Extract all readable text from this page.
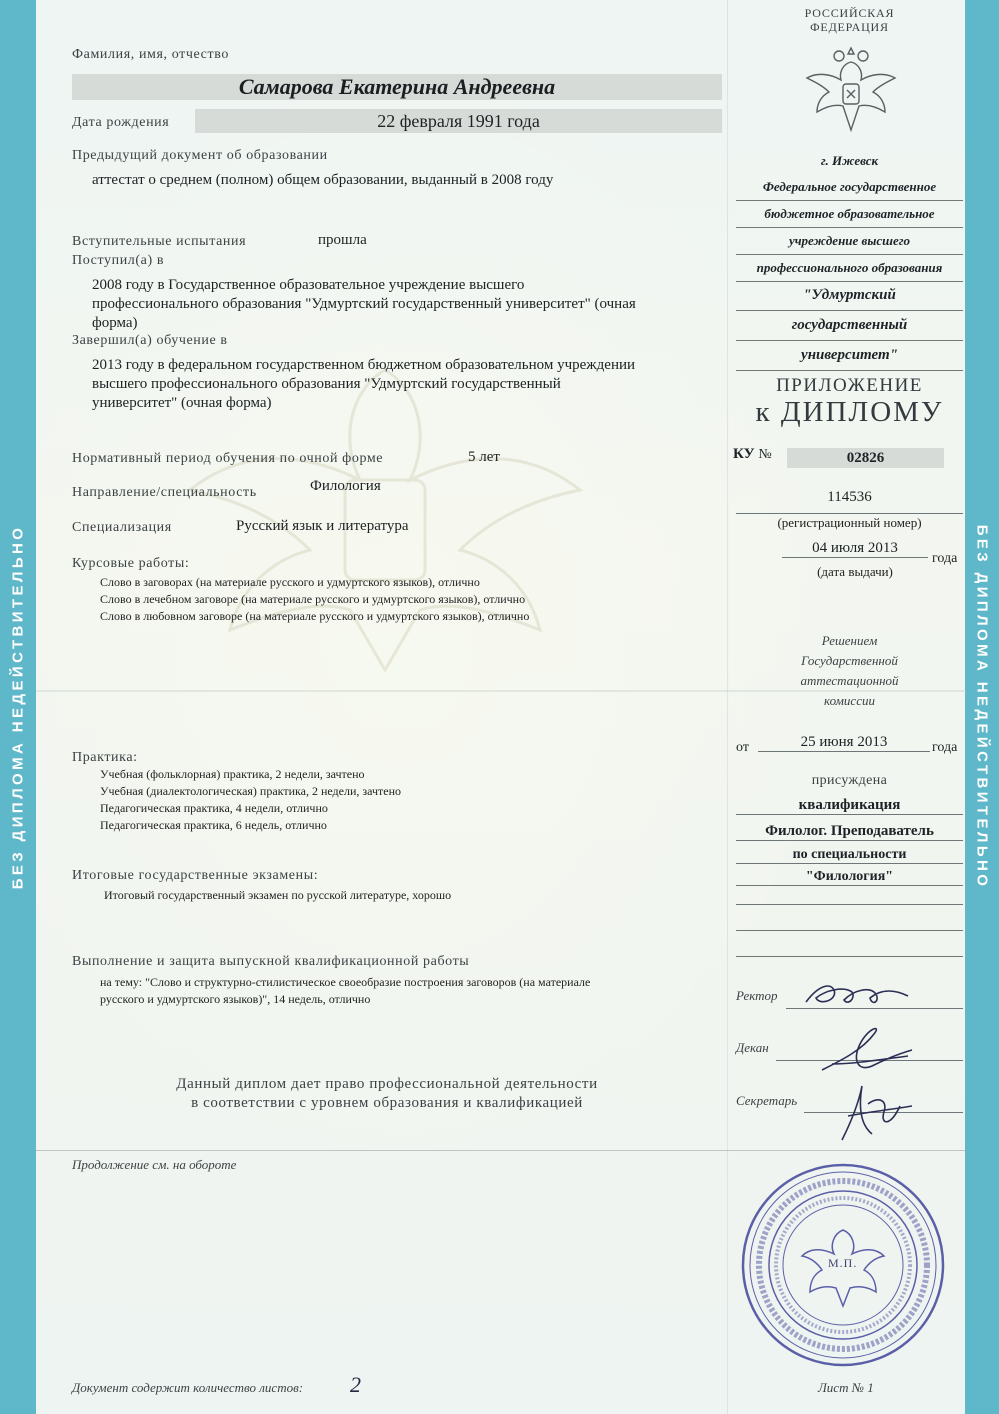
БЕЗ ДИПЛОМА НЕДЕЙСТВИТЕЛЬНО	БЕЗ ДИПЛОМА НЕДЕЙСТВИТЕЛЬНО
Фамилия, имя, отчество
Самарова Екатерина Андреевна
Дата рождения	22 февраля 1991 года
Предыдущий документ об образовании
аттестат о среднем (полном) общем образовании, выданный в 2008 году
Вступительные испытания	прошла
Поступил(а) в
2008 году в Государственное образовательное учреждение высшего
профессионального образования "Удмуртский государственный университет" (очная
форма)
Завершил(а) обучение в
2013 году в федеральном государственном бюджетном образовательном учреждении
высшего профессионального образования "Удмуртский государственный
университет" (очная форма)
Нормативный период обучения по очной форме	5 лет
Направление/специальность	Филология
Специализация	Русский язык и литература
Курсовые работы:
Слово в заговорах (на материале русского и удмуртского языков), отлично
Слово в лечебном заговоре (на материале русского и удмуртского языков), отлично
Слово в любовном заговоре (на материале русского и удмуртского языков), отлично
Практика:
Учебная (фольклорная) практика, 2 недели, зачтено
Учебная (диалектологическая) практика, 2 недели, зачтено
Педагогическая практика, 4 недели, отлично
Педагогическая практика, 6 недель, отлично
Итоговые государственные экзамены:
Итоговый государственный экзамен по русской литературе, хорошо
Выполнение и защита выпускной квалификационной работы
на тему: "Слово и структурно-стилистическое своеобразие построения заговоров (на материале
русского и удмуртского языков)", 14 недель, отлично
Данный диплом дает право профессиональной деятельности
в соответствии с уровнем образования и квалификацией
Продолжение см. на обороте
Документ содержит количество листов: 2
РОССИЙСКАЯ
ФЕДЕРАЦИЯ
г. Ижевск
Федеральное государственное
бюджетное образовательное
учреждение высшего
профессионального образования
"Удмуртский
государственный
университет"
ПРИЛОЖЕНИЕ
к ДИПЛОМУ
КУ №	02826
114536
(регистрационный номер)
04 июля 2013
года
(дата выдачи)
Решением
Государственной
аттестационной
комиссии
от	25 июня 2013	года
присуждена
квалификация
Филолог. Преподаватель
по специальности
"Филология"
Ректор
Декан
Секретарь
М.П.
Лист № 1
